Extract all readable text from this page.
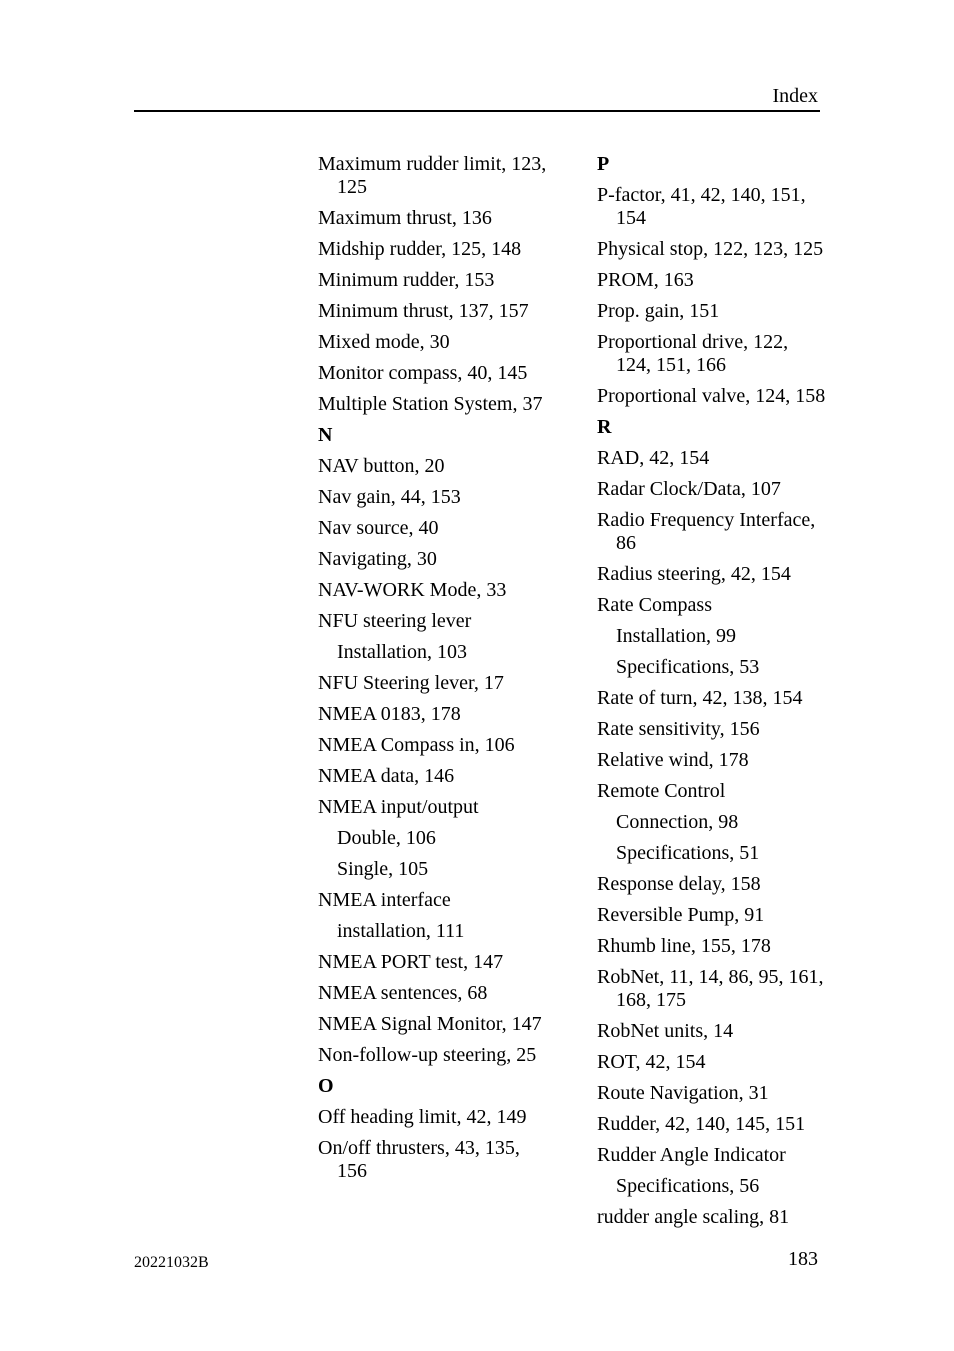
Index
Maximum rudder limit, 123,
125
Maximum thrust, 136
Midship rudder, 125, 148
Minimum rudder, 153
Minimum thrust, 137, 157
Mixed mode, 30
Monitor compass, 40, 145
Multiple Station System, 37
N
NAV button, 20
Nav gain, 44, 153
Nav source, 40
Navigating, 30
NAV-WORK Mode, 33
NFU steering lever
Installation, 103
NFU Steering lever, 17
NMEA 0183, 178
NMEA Compass in, 106
NMEA data, 146
NMEA input/output
Double, 106
Single, 105
NMEA interface
installation, 111
NMEA PORT test, 147
NMEA sentences, 68
NMEA Signal Monitor, 147
Non-follow-up steering, 25
O
Off heading limit, 42, 149
On/off thrusters, 43, 135,
156
P
P-factor, 41, 42, 140, 151,
154
Physical stop, 122, 123, 125
PROM, 163
Prop. gain, 151
Proportional drive, 122,
124, 151, 166
Proportional valve, 124, 158
R
RAD, 42, 154
Radar Clock/Data, 107
Radio Frequency Interface,
86
Radius steering, 42, 154
Rate Compass
Installation, 99
Specifications, 53
Rate of turn, 42, 138, 154
Rate sensitivity, 156
Relative wind, 178
Remote Control
Connection, 98
Specifications, 51
Response delay, 158
Reversible Pump, 91
Rhumb line, 155, 178
RobNet, 11, 14, 86, 95, 161,
168, 175
RobNet units, 14
ROT, 42, 154
Route Navigation, 31
Rudder, 42, 140, 145, 151
Rudder Angle Indicator
Specifications, 56
rudder angle scaling, 81
20221032B	183
